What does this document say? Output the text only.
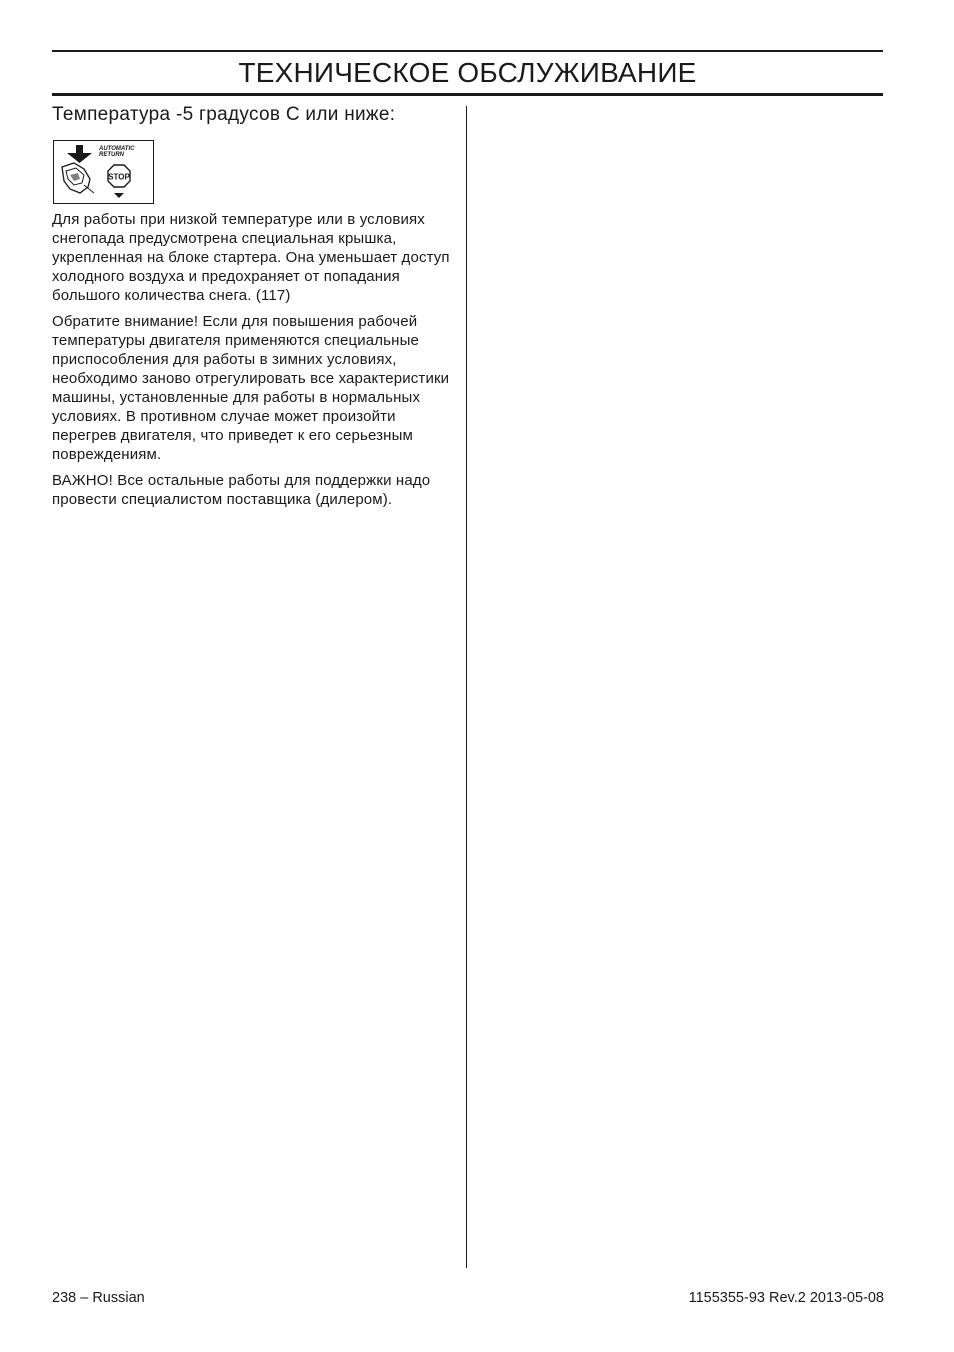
ТЕХНИЧЕСКОЕ ОБСЛУЖИВАНИЕ
Температура -5 градусов С или ниже:
AUTOMATIC
RETURN
STOP

Для работы при низкой температуре или в условиях снегопада предусмотрена специальная крышка, укрепленная на блоке стартера. Она уменьшает доступ холодного воздуха и предохраняет от попадания большого количества снега. (117)

Обратите внимание! Если для повышения рабочей температуры двигателя применяются специальные приспособления для работы в зимних условиях, необходимо заново отрегулировать все характеристики машины, установленные для работы в нормальных условиях. В противном случае может произойти перегрев двигателя, что приведет к его серьезным повреждениям.

ВАЖНО! Все остальные работы для поддержки надо провести специалистом поставщика (дилером).

238 – Russian	1155355-93 Rev.2 2013-05-08
